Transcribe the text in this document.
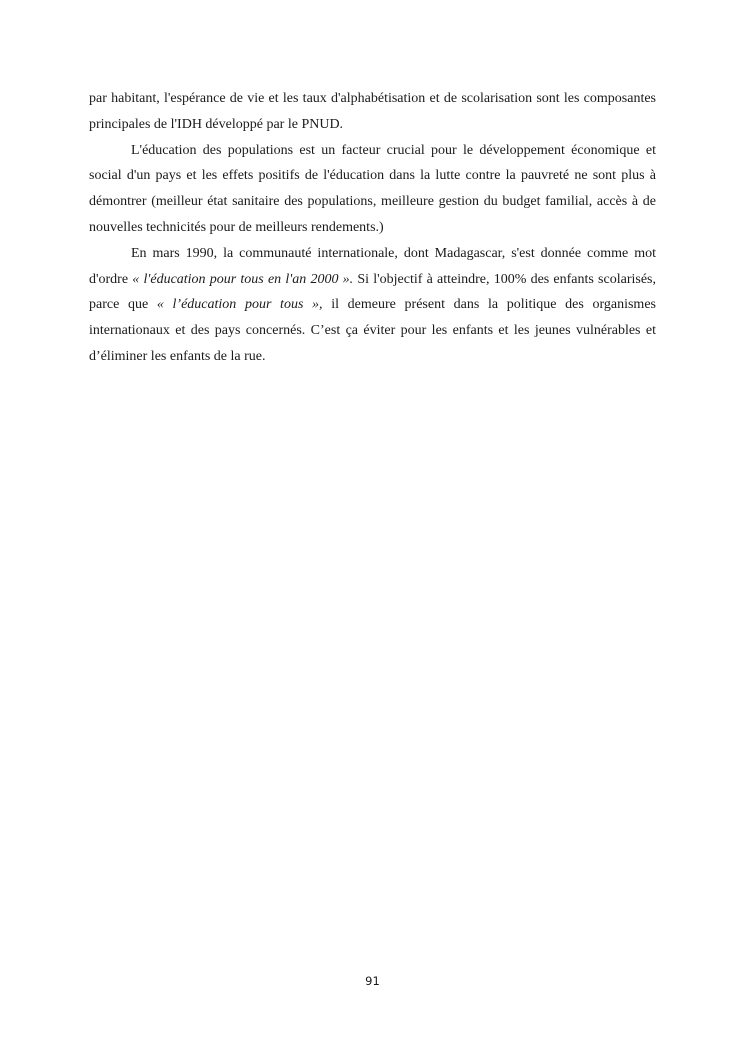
par habitant, l'espérance de vie et les taux d'alphabétisation et de scolarisation sont les composantes principales de l'IDH développé par le PNUD.

L'éducation des populations est un facteur crucial pour le développement économique et social d'un pays et les effets positifs de l'éducation dans la lutte contre la pauvreté ne sont plus à démontrer (meilleur état sanitaire des populations, meilleure gestion du budget familial, accès à de nouvelles technicités pour de meilleurs rendements.)

En mars 1990, la communauté internationale, dont Madagascar, s'est donnée comme mot d'ordre « l'éducation pour tous en l'an 2000 ». Si l'objectif à atteindre, 100% des enfants scolarisés, parce que « l’éducation pour tous », il demeure présent dans la politique des organismes internationaux et des pays concernés. C’est ça éviter pour les enfants et les jeunes vulnérables et d’éliminer les enfants de la rue.

91
